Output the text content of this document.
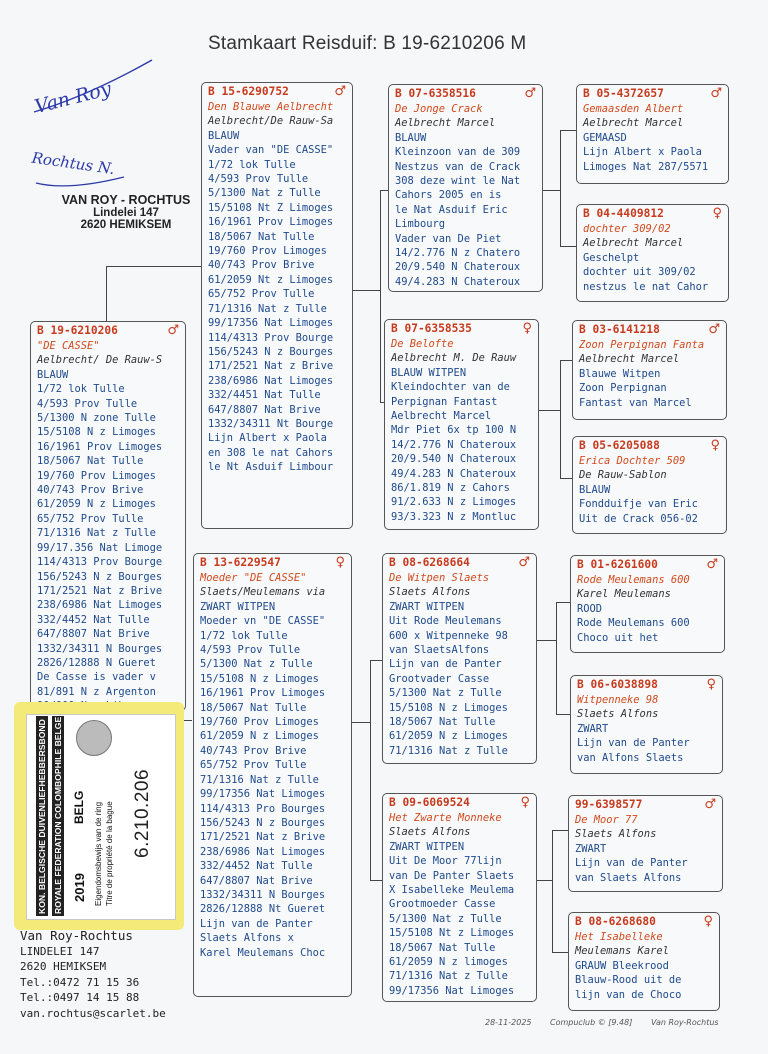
Stamkaart Reisduif: B 19-6210206 M
Van Roy
Rochtus N.
VAN ROY - ROCHTUS
Lindelei 147
2620 HEMIKSEM
B 19-6210206	♂
"DE CASSE"
Aelbrecht/ De Rauw-S
BLAUW
1/72 lok Tulle
4/593 Prov Tulle
5/1300 N zone Tulle
15/5108 N z Limoges
16/1961 Prov Limoges
18/5067 Nat Tulle
19/760 Prov Limoges
40/743 Prov Brive
61/2059 N z Limoges
65/752 Prov Tulle
71/1316 Nat z Tulle
99/17.356 Nat Limoge
114/4313 Prov Bourge
156/5243 N z Bourges
171/2521 Nat z Brive
238/6986 Nat Limoges
332/4452 Nat Tulle
647/8807 Nat Brive
1332/34311 N Bourges
2826/12888 N Gueret
De Casse is vader v
81/891 N z Argenton
B 15-6290752	♂
Den Blauwe Aelbrecht
Aelbrecht/De Rauw-Sa
BLAUW
Vader van "DE CASSE"
1/72 lok Tulle
4/593 Prov Tulle
5/1300 Nat z Tulle
15/5108 Nt Z Limoges
16/1961 Prov Limoges
18/5067 Nat Tulle
19/760 Prov Limoges
40/743 Prov Brive
61/2059 Nt z Limoges
65/752 Prov Tulle
71/1316 Nat z Tulle
99/17356 Nat Limoges
114/4313 Prov Bourge
156/5243 N z Bourges
171/2521 Nat z Brive
238/6986 Nat Limoges
332/4451 Nat Tulle
647/8807 Nat Brive
1332/34311 Nt Bourge
Lijn Albert x Paola
en 308 le nat Cahors
le Nt Asduif Limbour
B 13-6229547	♀
Moeder "DE CASSE"
Slaets/Meulemans via
ZWART WITPEN
Moeder vn "DE CASSE"
1/72 lok Tulle
4/593 Prov Tulle
5/1300 Nat z Tulle
15/5108 N z Limoges
16/1961 Prov Limoges
18/5067 Nat Tulle
19/760 Prov Limoges
61/2059 N z Limoges
40/743 Prov Brive
65/752 Prov Tulle
71/1316 Nat z Tulle
99/17356 Nat Limoges
114/4313 Pro Bourges
156/5243 N z Bourges
171/2521 Nat z Brive
238/6986 Nat Limoges
332/4452 Nat Tulle
647/8807 Nat Brive
1332/34311 N Bourges
2826/12888 Nt Gueret
Lijn van de Panter
Slaets Alfons x
Karel Meulemans Choc
B 07-6358516	♂
De Jonge Crack
Aelbrecht Marcel
BLAUW
Kleinzoon van de 309
Nestzus van de Crack
308 deze wint le Nat
Cahors 2005 en is
le Nat Asduif Eric
Limbourg
Vader van De Piet
14/2.776 N z Chatero
20/9.540 N Chateroux
49/4.283 N Chateroux
B 07-6358535	♀
De Belofte
Aelbrecht M. De Rauw
BLAUW WITPEN
Kleindochter van de
Perpignan Fantast
Aelbrecht Marcel
Mdr Piet 6x tp 100 N
14/2.776 N Chateroux
20/9.540 N Chateroux
49/4.283 N Chateroux
86/1.819 N z Cahors
91/2.633 N z Limoges
93/3.323 N z Montluc
B 08-6268664	♂
De Witpen Slaets
Slaets Alfons
ZWART WITPEN
Uit Rode Meulemans
600 x Witpenneke 98
van SlaetsAlfons
Lijn van de Panter
Grootvader Casse
5/1300 Nat z Tulle
15/5108 N z Limoges
18/5067 Nat Tulle
61/2059 N z Limoges
71/1316 Nat z Tulle
B 09-6069524	♀
Het Zwarte Monneke
Slaets Alfons
ZWART WITPEN
Uit De Moor 77lijn
van De Panter Slaets
X Isabelleke Meulema
Grootmoeder Casse
5/1300 Nat z Tulle
15/5108 Nt z Limoges
18/5067 Nat Tulle
61/2059 N z limoges
71/1316 Nat z Tulle
99/17356 Nat Limoges
B 05-4372657	♂
Gemaasden Albert
Aelbrecht Marcel
GEMAASD
Lijn Albert x Paola
Limoges Nat 287/5571
B 04-4409812	♀
dochter 309/02
Aelbrecht Marcel
Geschelpt
dochter uit 309/02
nestzus le nat Cahor
B 03-6141218	♂
Zoon Perpignan Fanta
Aelbrecht Marcel
Blauwe Witpen
Zoon Perpignan
Fantast van Marcel
B 05-6205088	♀
Erica Dochter 509
De Rauw-Sablon
BLAUW
Fondduifje van Eric
Uit de Crack 056-02
B 01-6261600	♂
Rode Meulemans 600
Karel Meulemans
ROOD
Rode Meulemans 600
Choco uit het
B 06-6038898	♀
Witpenneke 98
Slaets Alfons
ZWART
Lijn van de Panter
van Alfons Slaets
99-6398577	♂
De Moor 77
Slaets Alfons
ZWART
Lijn van de Panter
van Slaets Alfons
B 08-6268680	♀
Het Isabelleke
Meulemans Karel
GRAUW Bleekrood
Blauw-Rood uit de
lijn van de Choco
KON. BELGISCHE DUIVENLIEFHEBBERSBOND ROYALE FEDERATION COLOMBOPHILE BELGE 2019
BELG Eigendomsbewijs van de ring Titre de propriété de la bague 6.210.206
Van Roy-Rochtus
LINDELEI 147
2620 HEMIKSEM
Tel.:0472 71 15 36
Tel.:0497 14 15 88
van.rochtus@scarlet.be
28-11-2025 Compuclub © [9.48] Van Roy-Rochtus
